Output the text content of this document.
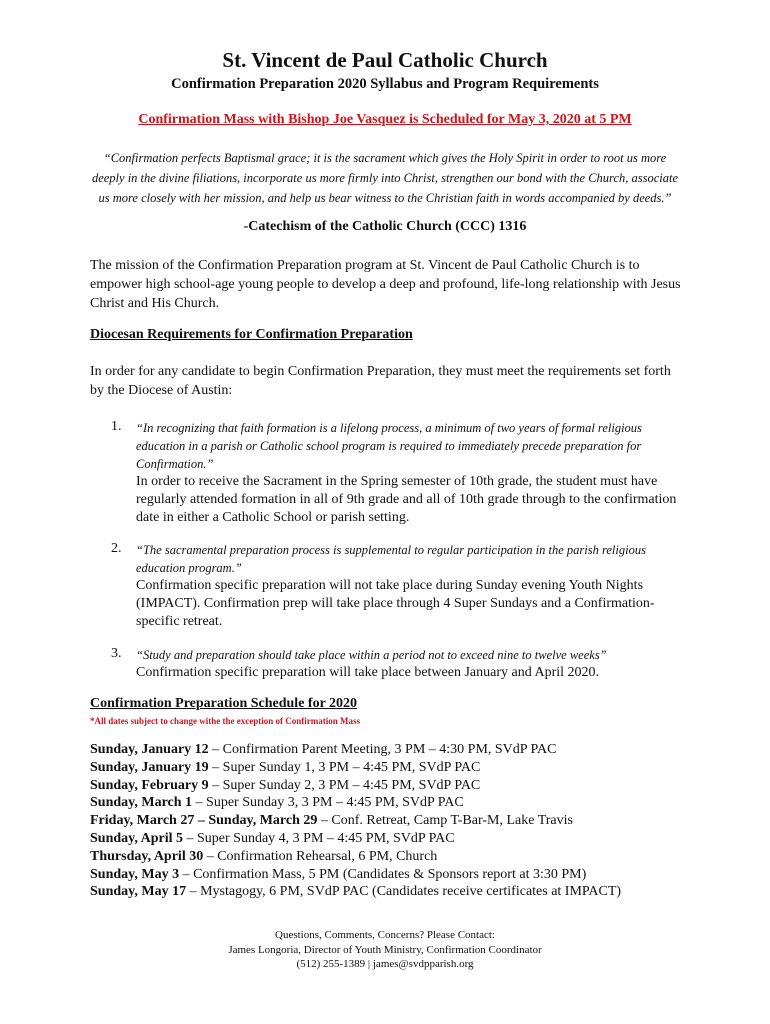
St. Vincent de Paul Catholic Church
Confirmation Preparation 2020 Syllabus and Program Requirements
Confirmation Mass with Bishop Joe Vasquez is Scheduled for May 3, 2020 at 5 PM
“Confirmation perfects Baptismal grace; it is the sacrament which gives the Holy Spirit in order to root us more deeply in the divine filiations, incorporate us more firmly into Christ, strengthen our bond with the Church, associate us more closely with her mission, and help us bear witness to the Christian faith in words accompanied by deeds.”
-Catechism of the Catholic Church (CCC) 1316
The mission of the Confirmation Preparation program at St. Vincent de Paul Catholic Church is to empower high school-age young people to develop a deep and profound, life-long relationship with Jesus Christ and His Church.
Diocesan Requirements for Confirmation Preparation
In order for any candidate to begin Confirmation Preparation, they must meet the requirements set forth by the Diocese of Austin:
1. “In recognizing that faith formation is a lifelong process, a minimum of two years of formal religious education in a parish or Catholic school program is required to immediately precede preparation for Confirmation.”
In order to receive the Sacrament in the Spring semester of 10th grade, the student must have regularly attended formation in all of 9th grade and all of 10th grade through to the confirmation date in either a Catholic School or parish setting.
2. “The sacramental preparation process is supplemental to regular participation in the parish religious education program.”
Confirmation specific preparation will not take place during Sunday evening Youth Nights (IMPACT). Confirmation prep will take place through 4 Super Sundays and a Confirmation-specific retreat.
3. “Study and preparation should take place within a period not to exceed nine to twelve weeks”
Confirmation specific preparation will take place between January and April 2020.
Confirmation Preparation Schedule for 2020
*All dates subject to change withe the exception of Confirmation Mass
Sunday, January 12 – Confirmation Parent Meeting, 3 PM – 4:30 PM, SVdP PAC
Sunday, January 19 – Super Sunday 1, 3 PM – 4:45 PM, SVdP PAC
Sunday, February 9 – Super Sunday 2, 3 PM – 4:45 PM, SVdP PAC
Sunday, March 1 – Super Sunday 3, 3 PM – 4:45 PM, SVdP PAC
Friday, March 27 – Sunday, March 29 – Conf. Retreat, Camp T-Bar-M, Lake Travis
Sunday, April 5 – Super Sunday 4, 3 PM – 4:45 PM, SVdP PAC
Thursday, April 30 – Confirmation Rehearsal, 6 PM, Church
Sunday, May 3 – Confirmation Mass, 5 PM (Candidates & Sponsors report at 3:30 PM)
Sunday, May 17 – Mystagogy, 6 PM, SVdP PAC (Candidates receive certificates at IMPACT)
Questions, Comments, Concerns? Please Contact:
James Longoria, Director of Youth Ministry, Confirmation Coordinator
(512) 255-1389 | james@svdpparish.org
